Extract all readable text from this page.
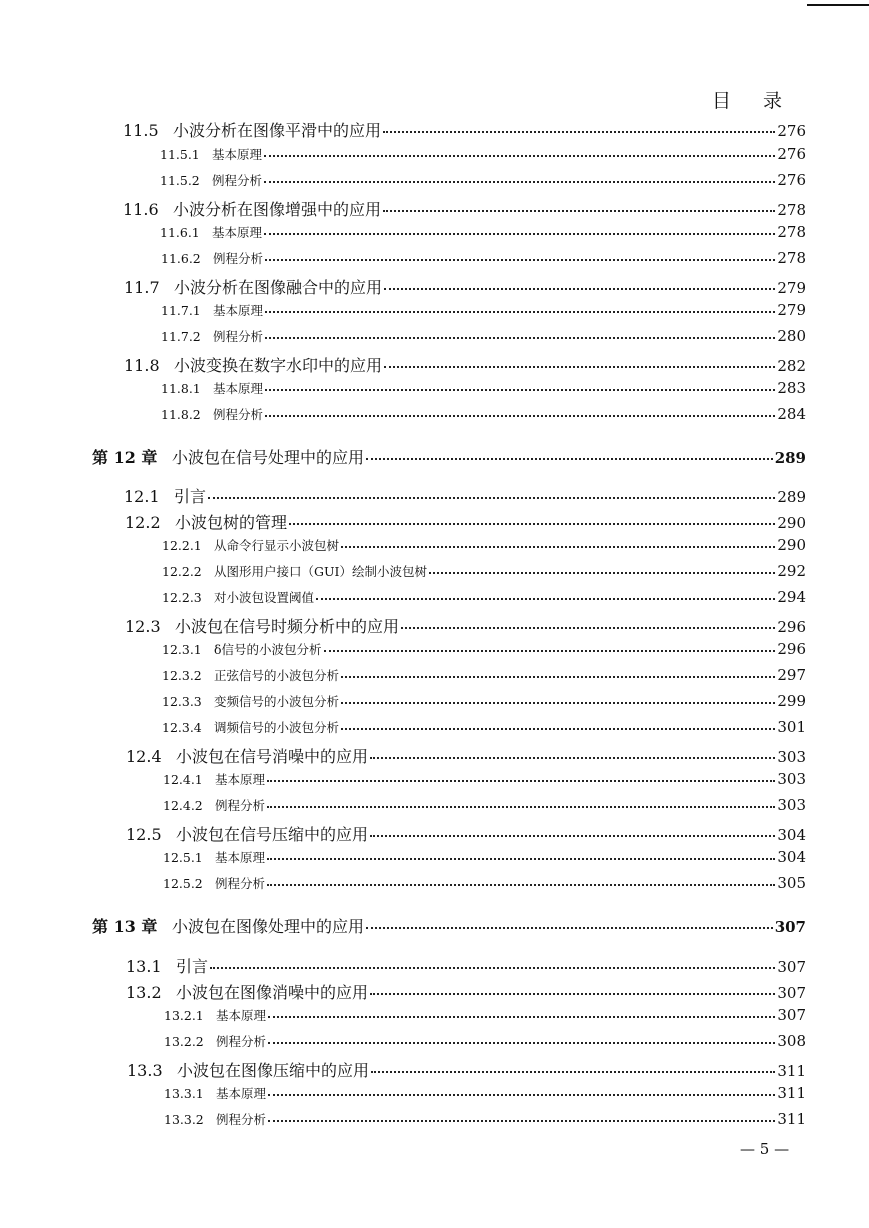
目 录
11.5 小波分析在图像平滑中的应用	276
11.5.1 基本原理	276
11.5.2 例程分析	276
11.6 小波分析在图像增强中的应用	278
11.6.1 基本原理	278
11.6.2 例程分析	278
11.7 小波分析在图像融合中的应用	279
11.7.1 基本原理	279
11.7.2 例程分析	280
11.8 小波变换在数字水印中的应用	282
11.8.1 基本原理	283
11.8.2 例程分析	284
第 12 章 小波包在信号处理中的应用	289
12.1 引言	289
12.2 小波包树的管理	290
12.2.1 从命令行显示小波包树	290
12.2.2 从图形用户接口（GUI）绘制小波包树	292
12.2.3 对小波包设置阈值	294
12.3 小波包在信号时频分析中的应用	296
12.3.1 δ信号的小波包分析	296
12.3.2 正弦信号的小波包分析	297
12.3.3 变频信号的小波包分析	299
12.3.4 调频信号的小波包分析	301
12.4 小波包在信号消噪中的应用	303
12.4.1 基本原理	303
12.4.2 例程分析	303
12.5 小波包在信号压缩中的应用	304
12.5.1 基本原理	304
12.5.2 例程分析	305
第 13 章 小波包在图像处理中的应用	307
13.1 引言	307
13.2 小波包在图像消噪中的应用	307
13.2.1 基本原理	307
13.2.2 例程分析	308
13.3 小波包在图像压缩中的应用	311
13.3.1 基本原理	311
13.3.2 例程分析	311
— 5 —
